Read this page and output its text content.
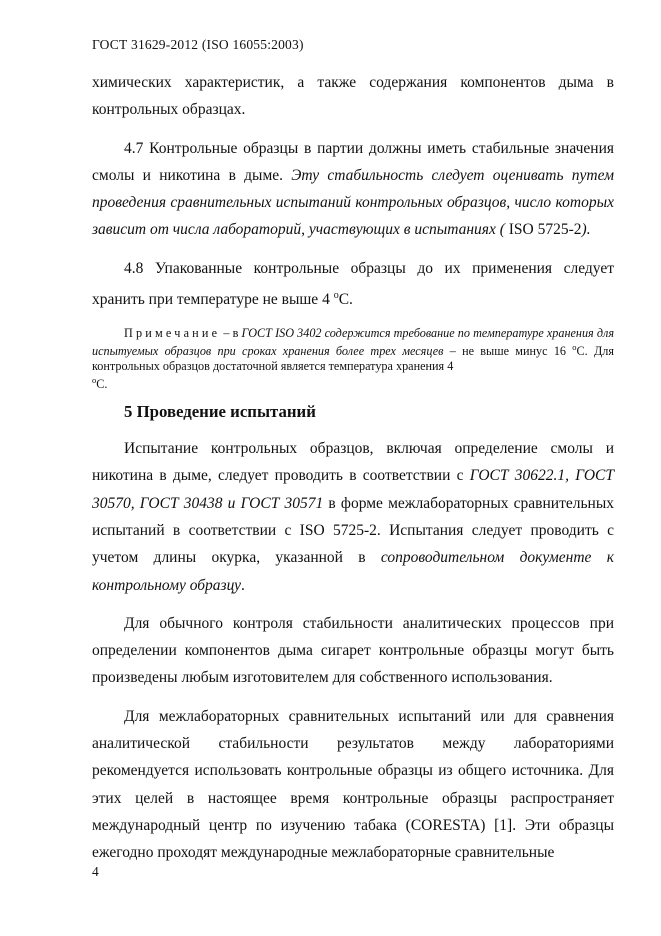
ГОСТ 31629-2012 (ISO 16055:2003)

химических характеристик, а также содержания компонентов дыма в контрольных образцах.

4.7 Контрольные образцы в партии должны иметь стабильные значения смолы и никотина в дыме. Эту стабильность следует оценивать путем проведения сравнительных испытаний контрольных образцов, число которых зависит от числа лабораторий, участвующих в испытаниях ( ISO 5725-2).

4.8 Упакованные контрольные образцы до их применения следует хранить при температуре не выше 4 $^o$С.

Примечание – в ГОСТ ISO 3402 содержится требование по температуре хранения для испытуемых образцов при сроках хранения более трех месяцев – не выше минус 16 $^o$С. Для контрольных образцов достаточной является температура хранения 4
$^o$С.

5 Проведение испытаний

Испытание контрольных образцов, включая определение смолы и никотина в дыме, следует проводить в соответствии с ГОСТ 30622.1, ГОСТ 30570, ГОСТ 30438 и ГОСТ 30571 в форме межлабораторных сравнительных испытаний в соответствии с ISO 5725-2. Испытания следует проводить с учетом длины окурка, указанной в сопроводительном документе к контрольному образцу.

Для обычного контроля стабильности аналитических процессов при определении компонентов дыма сигарет контрольные образцы могут быть произведены любым изготовителем для собственного использования.

Для межлабораторных сравнительных испытаний или для сравнения аналитической стабильности результатов между лабораториями рекомендуется использовать контрольные образцы из общего источника. Для этих целей в настоящее время контрольные образцы распространяет международный центр по изучению табака (CORESTA) [1]. Эти образцы ежегодно проходят международные межлабораторные сравнительные

4
